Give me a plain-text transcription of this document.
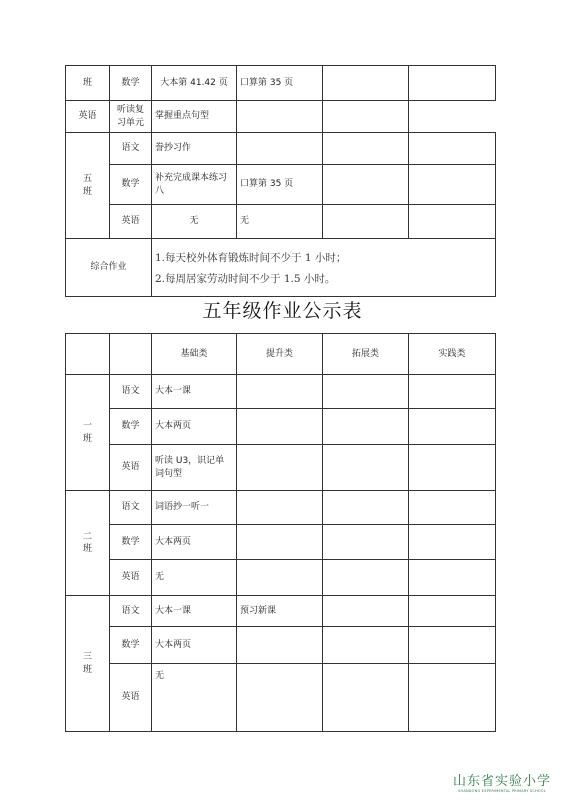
班	数学	大本第 41.42 页	口算第 35 页		
英语	听读复习单元	掌握重点句型			
五
班	语文	誊抄习作			
	数学	补充完成课本练习八	口算第 35 页		
	英语	无	无		
综合作业		1.每天校外体育锻炼时间不少于 1 小时；
2.每周居家劳动时间不少于 1.5 小时。			
五年级作业公示表
		基础类	提升类	拓展类	实践类
一
班	语文	大本一课			
	数学	大本两页			
	英语	听读 U3，识记单词句型			
二
班	语文	词语抄一听一			
	数学	大本两页			
	英语	无			
三
班	语文	大本一课	预习新课		
	数学	大本两页			
	英语	无			
山东省实验小学
SHANDONG EXPERIMENTAL PRIMARY SCHOOL
